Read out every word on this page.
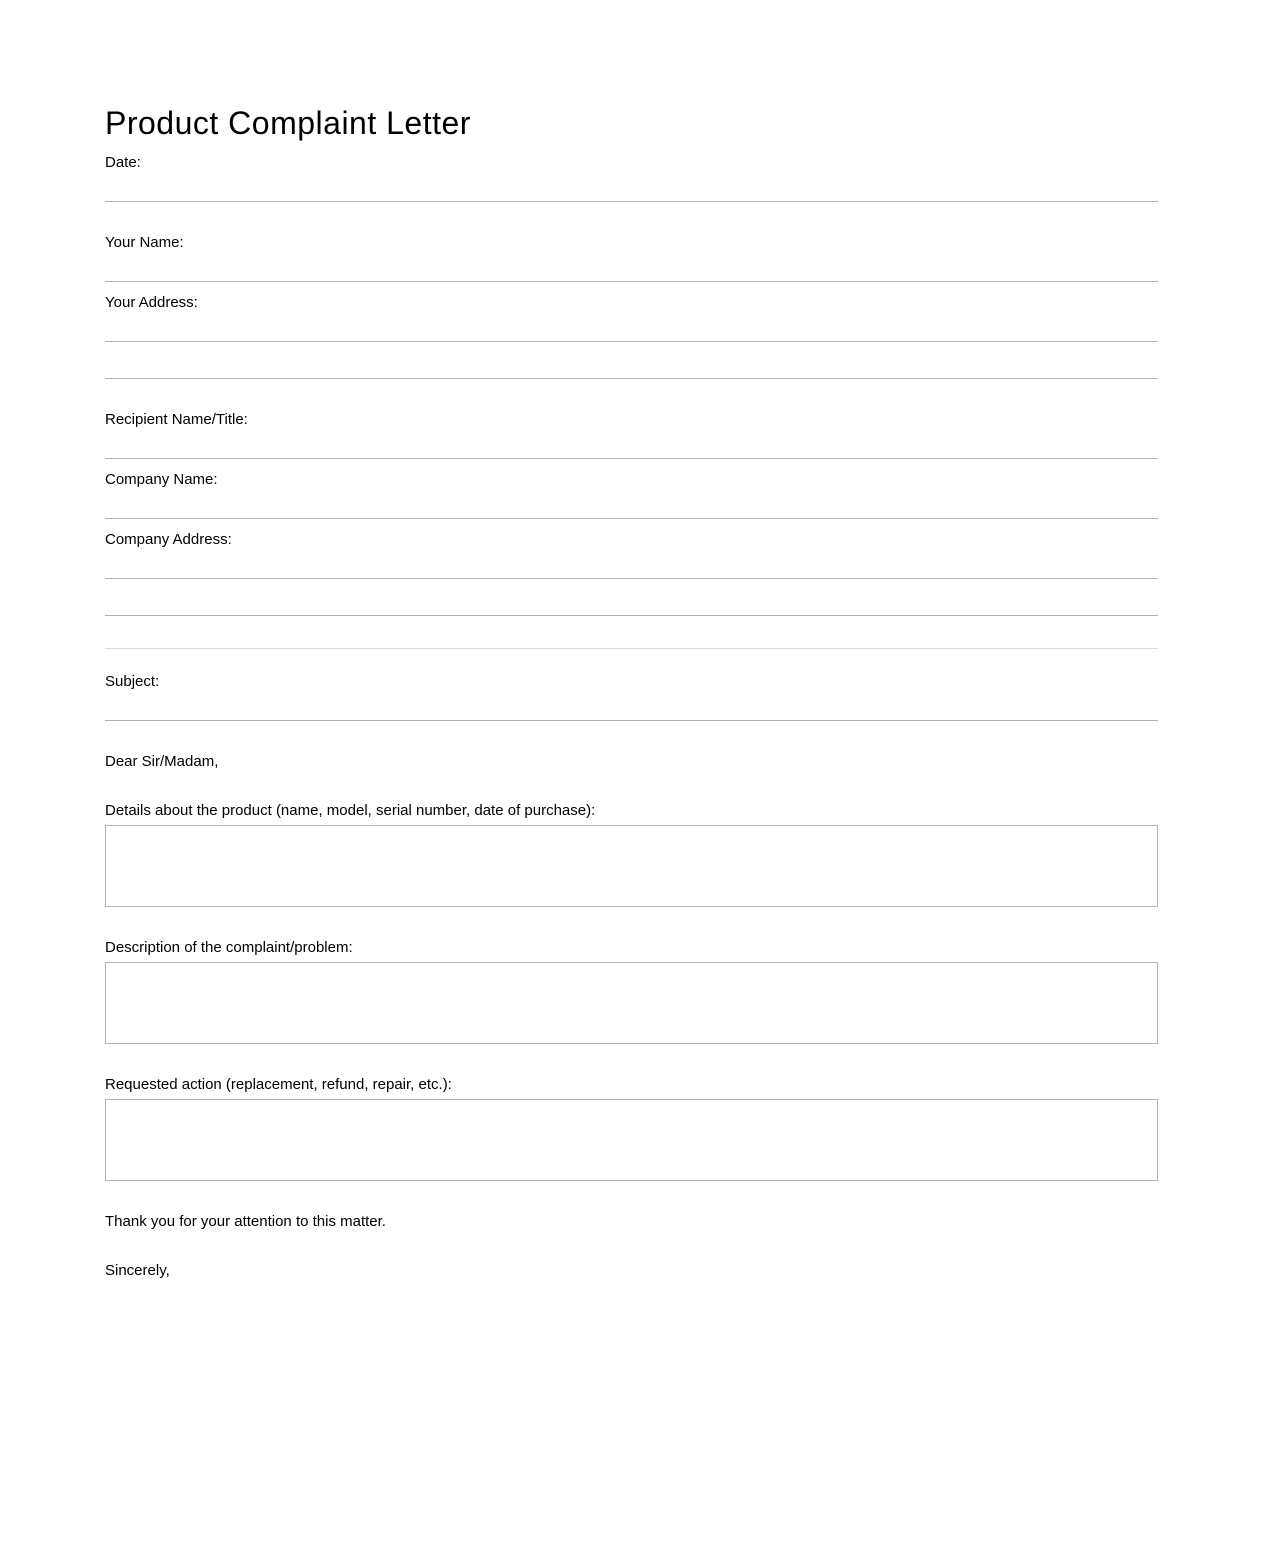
Product Complaint Letter
Date:
Your Name:
Your Address:
Recipient Name/Title:
Company Name:
Company Address:
Subject:
Dear Sir/Madam,
Details about the product (name, model, serial number, date of purchase):
Description of the complaint/problem:
Requested action (replacement, refund, repair, etc.):
Thank you for your attention to this matter.
Sincerely,
